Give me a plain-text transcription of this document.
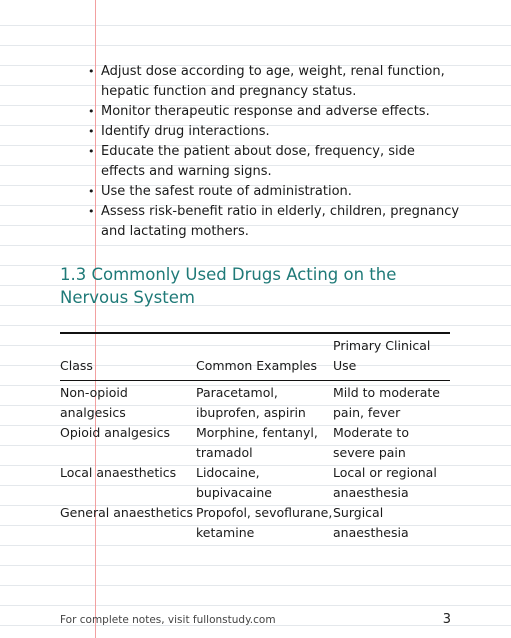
• Adjust dose according to age, weight, renal function, hepatic function and pregnancy status.
• Monitor therapeutic response and adverse effects.
• Identify drug interactions.
• Educate the patient about dose, frequency, side effects and warning signs.
• Use the safest route of administration.
• Assess risk-benefit ratio in elderly, children, pregnancy and lactating mothers.
1.3 Commonly Used Drugs Acting on the Nervous System
Class	Common Examples	Primary Clinical Use
Non-opioid analgesics	Paracetamol, ibuprofen, aspirin	Mild to moderate pain, fever
Opioid analgesics	Morphine, fentanyl, tramadol	Moderate to severe pain
Local anaesthetics	Lidocaine, bupivacaine	Local or regional anaesthesia
General anaesthetics	Propofol, sevoflurane, ketamine	Surgical anaesthesia
For complete notes, visit fullonstudy.com	3
